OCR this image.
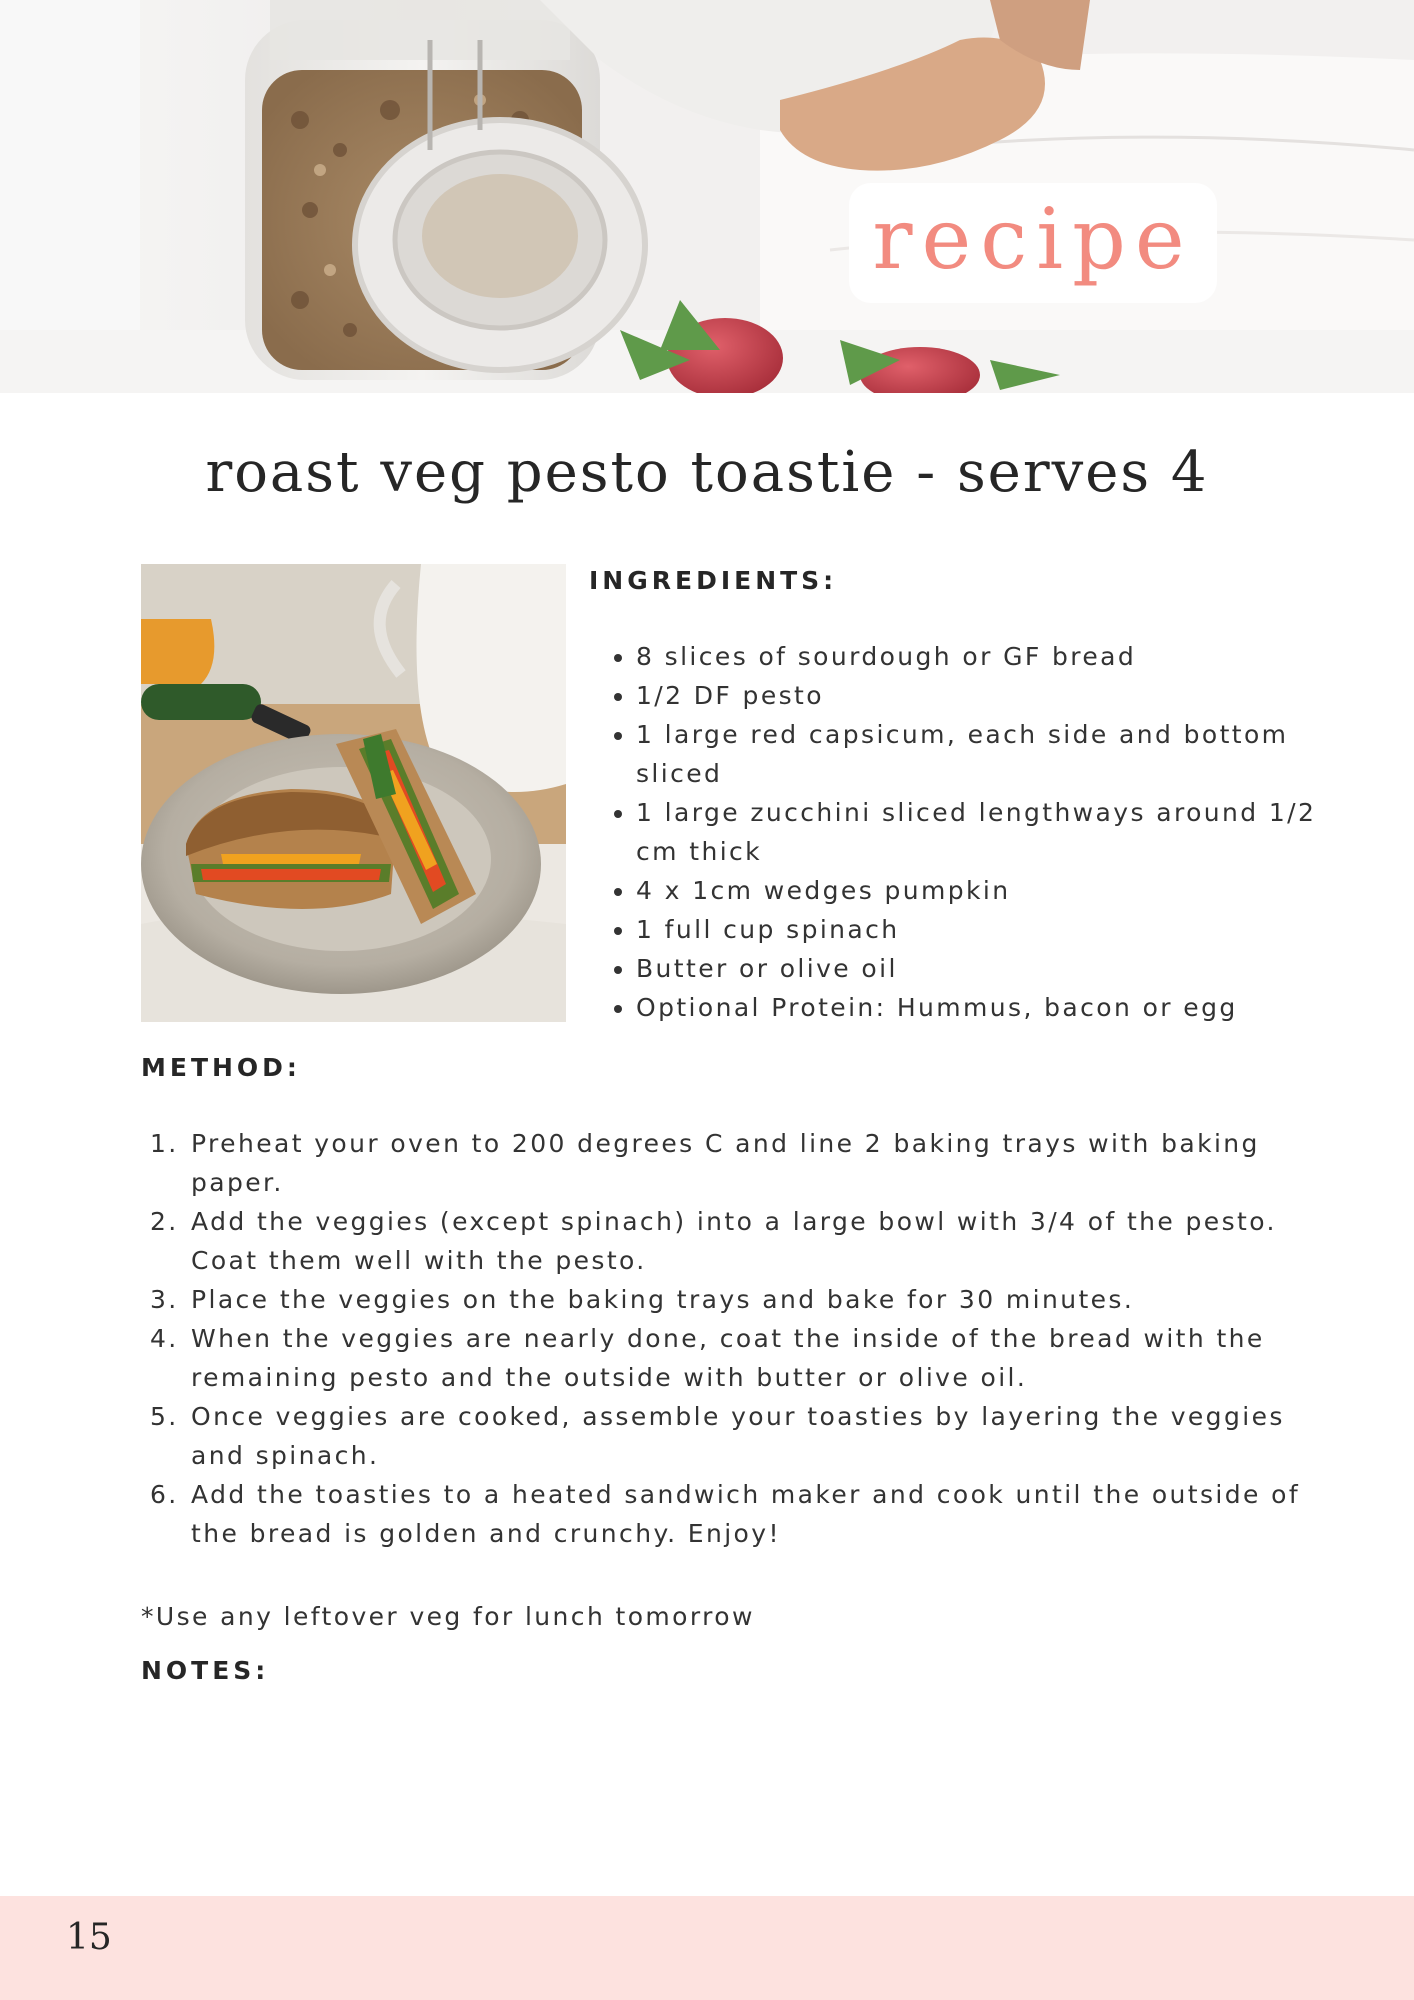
recipe
roast veg pesto toastie - serves 4
INGREDIENTS:
• 8 slices of sourdough or GF bread
• 1/2 DF pesto
• 1 large red capsicum, each side and bottom sliced
• 1 large zucchini sliced lengthways around 1/2 cm thick
• 4 x 1cm wedges pumpkin
• 1 full cup spinach
• Butter or olive oil
• Optional Protein: Hummus, bacon or egg
METHOD:
1. Preheat your oven to 200 degrees C and line 2 baking trays with baking paper.
2. Add the veggies (except spinach) into a large bowl with 3/4 of the pesto. Coat them well with the pesto.
3. Place the veggies on the baking trays and bake for 30 minutes.
4. When the veggies are nearly done, coat the inside of the bread with the remaining pesto and the outside with butter or olive oil.
5. Once veggies are cooked, assemble your toasties by layering the veggies and spinach.
6. Add the toasties to a heated sandwich maker and cook until the outside of the bread is golden and crunchy. Enjoy!

*Use any leftover veg for lunch tomorrow

NOTES:
15
